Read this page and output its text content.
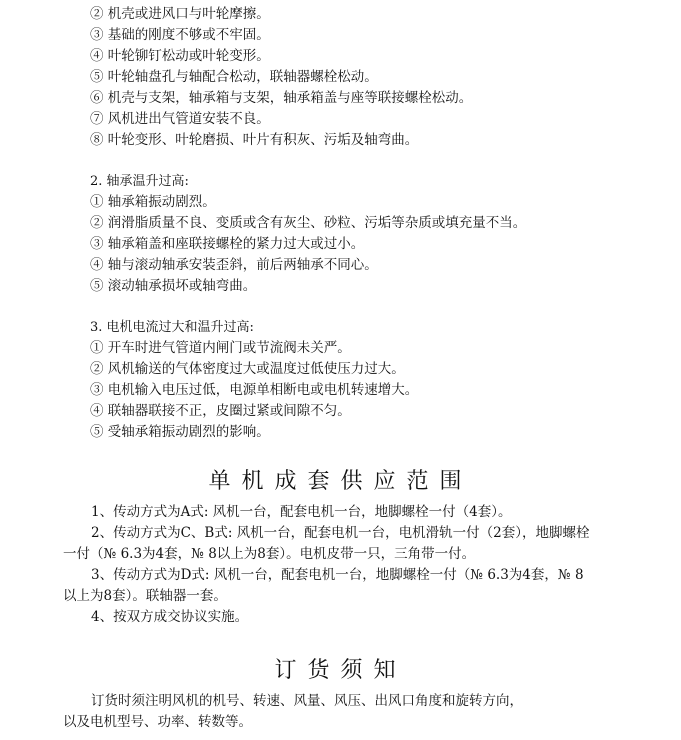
② 机壳或进风口与叶轮摩擦。
③ 基础的刚度不够或不牢固。
④ 叶轮铆钉松动或叶轮变形。
⑤ 叶轮轴盘孔与轴配合松动，联轴器螺栓松动。
⑥ 机壳与支架，轴承箱与支架，轴承箱盖与座等联接螺栓松动。
⑦ 风机进出气管道安装不良。
⑧ 叶轮变形、叶轮磨损、叶片有积灰、污垢及轴弯曲。
2. 轴承温升过高:
① 轴承箱振动剧烈。
② 润滑脂质量不良、变质或含有灰尘、砂粒、污垢等杂质或填充量不当。
③ 轴承箱盖和座联接螺栓的紧力过大或过小。
④ 轴与滚动轴承安装歪斜，前后两轴承不同心。
⑤ 滚动轴承损坏或轴弯曲。
3. 电机电流过大和温升过高:
① 开车时进气管道内闸门或节流阀未关严。
② 风机输送的气体密度过大或温度过低使压力过大。
③ 电机输入电压过低，电源单相断电或电机转速增大。
④ 联轴器联接不正，皮圈过紧或间隙不匀。
⑤ 受轴承箱振动剧烈的影响。
单机成套供应范围
1、传动方式为A式: 风机一台，配套电机一台，地脚螺栓一付（4套）。
2、传动方式为C、B式: 风机一台，配套电机一台，电机滑轨一付（2套），地脚螺栓
一付（№ 6.3为4套，№ 8以上为8套）。电机皮带一只，三角带一付。
3、传动方式为D式: 风机一台，配套电机一台，地脚螺栓一付（№ 6.3为4套，№ 8
以上为8套）。联轴器一套。
4、按双方成交协议实施。
订货须知
订货时须注明风机的机号、转速、风量、风压、出风口角度和旋转方向，
以及电机型号、功率、转数等。
